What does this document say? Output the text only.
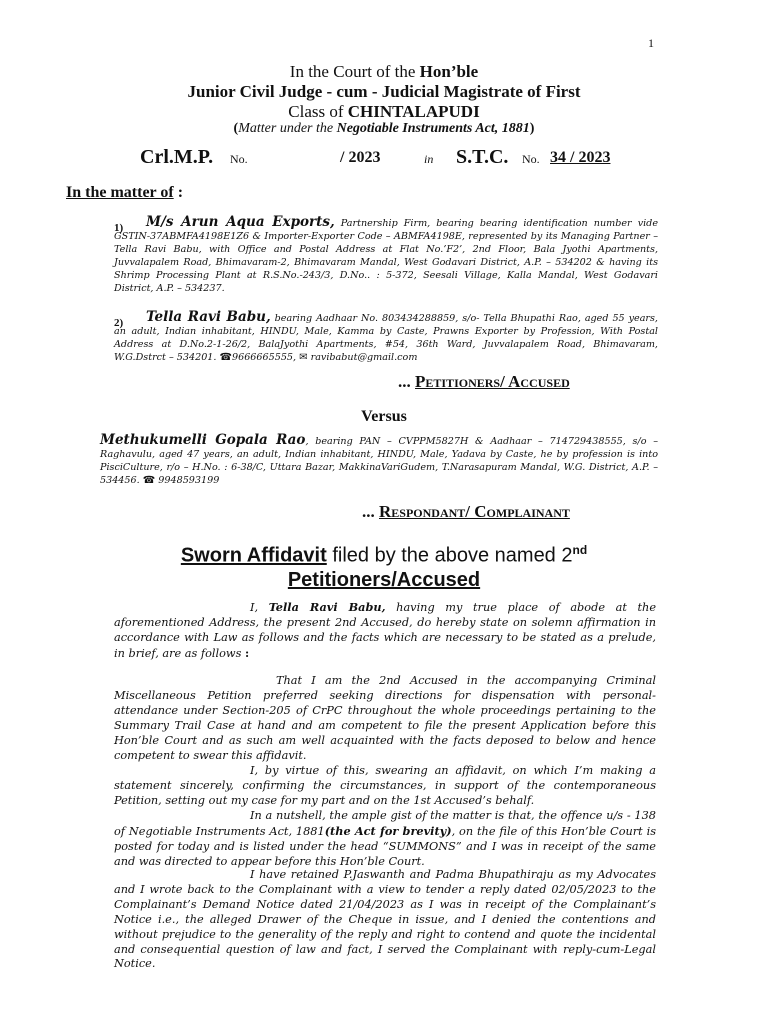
1
In the Court of the Hon’ble
Junior Civil Judge - cum - Judicial Magistrate of First
Class of CHINTALAPUDI
(Matter under the Negotiable Instruments Act, 1881)
Crl.M.P. No.	/ 2023	in S.T.C. No. 34 / 2023
In the matter of :
1)	M/s Arun Aqua Exports, Partnership Firm, bearing bearing identification number vide GSTIN-37ABMFA4198E1Z6 & Importer-Exporter Code – ABMFA4198E, represented by its Managing Partner – Tella Ravi Babu, with Office and Postal Address at Flat No.’F2’, 2nd Floor, Bala Jyothi Apartments, Juvvalapalem Road, Bhimavaram-2, Bhimavaram Mandal, West Godavari District, A.P. – 534202 & having its Shrimp Processing Plant at R.S.No.-243/3, D.No.. : 5-372, Seesali Village, Kalla Mandal, West Godavari District, A.P. – 534237.
2)	Tella Ravi Babu, bearing Aadhaar No. 803434288859, s/o- Tella Bhupathi Rao, aged 55 years, an adult, Indian inhabitant, HINDU, Male, Kamma by Caste, Prawns Exporter by Profession, With Postal Address at D.No.2-1-26/2, BalaJyothi Apartments, #54, 36th Ward, Juvvalapalem Road, Bhimavaram, W.G.Dstrct – 534201. ☎9666665555, ✉ ravibabut@gmail.com
... Petitioners/ Accused
Versus
Methukumelli Gopala Rao, bearing PAN – CVPPM5827H & Aadhaar – 714729438555, s/o – Raghavulu, aged 47 years, an adult, Indian inhabitant, HINDU, Male, Yadava by Caste, he by profession is into PisciCulture, r/o – H.No. : 6-38/C, Uttara Bazar, MakkinaVariGudem, T.Narasapuram Mandal, W.G. District, A.P. – 534456. ☎ 9948593199
... Respondant/ Complainant
Sworn Affidavit filed by the above named 2nd
Petitioners/Accused
I, Tella Ravi Babu, having my true place of abode at the aforementioned Address, the present 2nd Accused, do hereby state on solemn affirmation in accordance with Law as follows and the facts which are necessary to be stated as a prelude, in brief, are as follows :
That I am the 2nd Accused in the accompanying Criminal Miscellaneous Petition preferred seeking directions for dispensation with personal-attendance under Section-205 of CrPC throughout the whole proceedings pertaining to the Summary Trail Case at hand and am competent to file the present Application before this Hon’ble Court and as such am well acquainted with the facts deposed to below and hence competent to swear this affidavit.
I, by virtue of this, swearing an affidavit, on which I’m making a statement sincerely, confirming the circumstances, in support of the contemporaneous Petition, setting out my case for my part and on the 1st Accused’s behalf.
In a nutshell, the ample gist of the matter is that, the offence u/s - 138 of Negotiable Instruments Act, 1881(the Act for brevity), on the file of this Hon’ble Court is posted for today and is listed under the head “SUMMONS” and I was in receipt of the same and was directed to appear before this Hon’ble Court.
I have retained P.Jaswanth and Padma Bhupathiraju as my Advocates and I wrote back to the Complainant with a view to tender a reply dated 02/05/2023 to the Complainant’s Demand Notice dated 21/04/2023 as I was in receipt of the Complainant’s Notice i.e., the alleged Drawer of the Cheque in issue, and I denied the contentions and without prejudice to the generality of the reply and right to contend and quote the incidental and consequential question of law and fact, I served the Complainant with reply-cum-Legal Notice.
